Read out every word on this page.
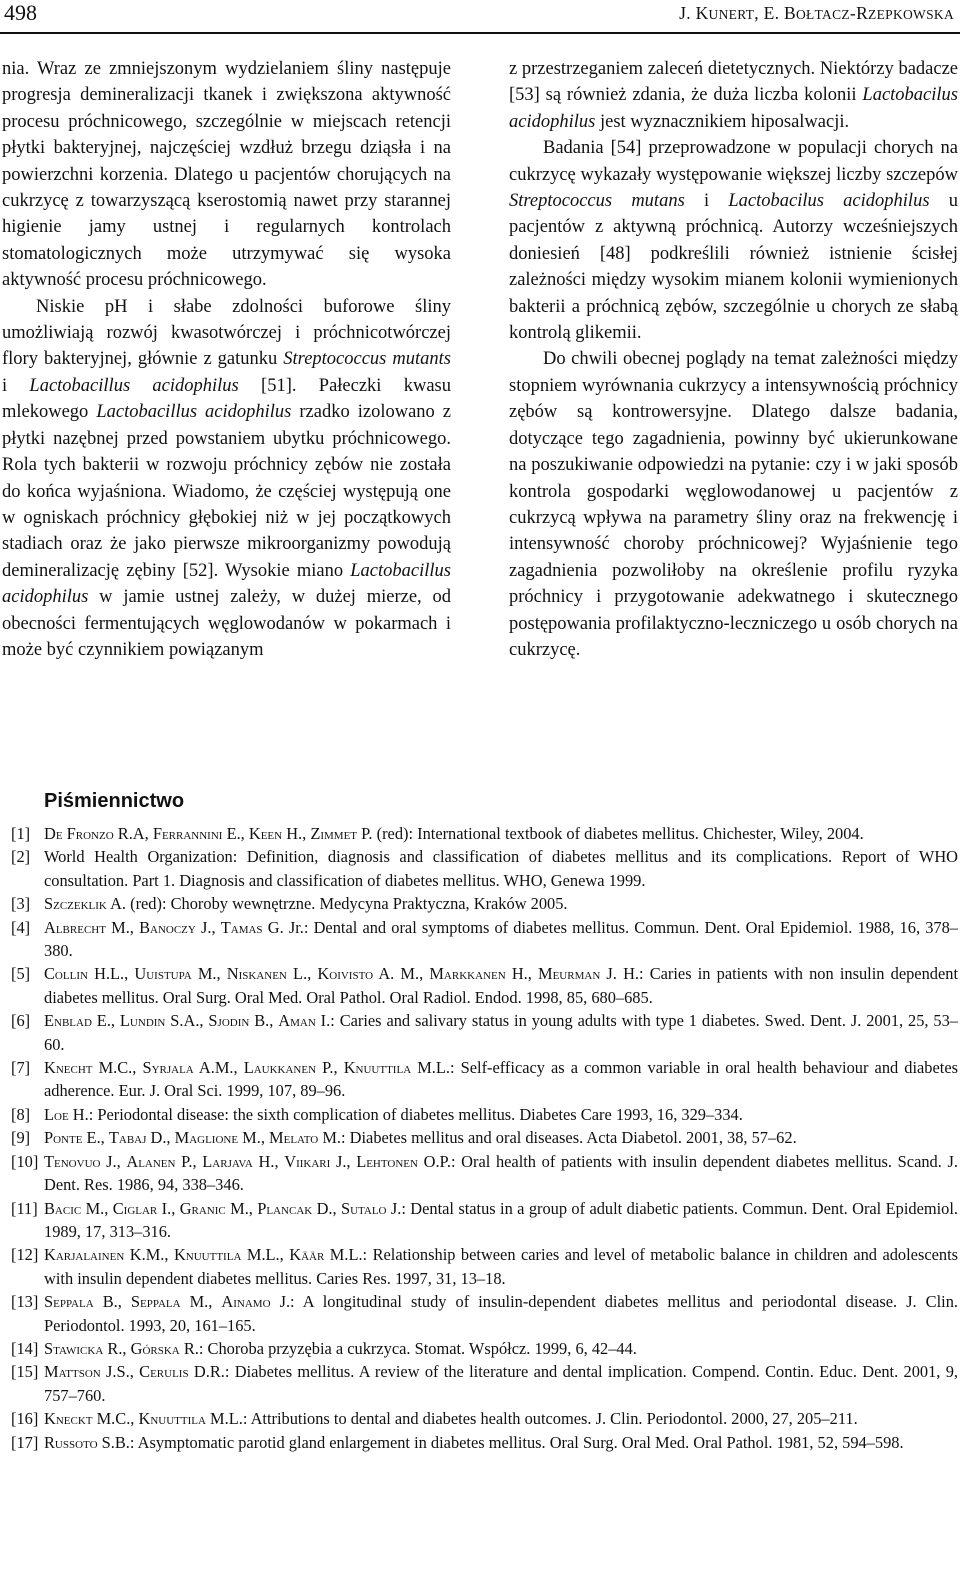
498	J. KUNERT, E. BOŁTACZ-RZEPKOWSKA

nia. Wraz ze zmniejszonym wydzielaniem śliny następuje progresja demineralizacji tkanek i zwiększona aktywność procesu próchnicowego, szczególnie w miejscach retencji płytki bakteryjnej, najczęściej wzdłuż brzegu dziąsła i na powierzchni korzenia. Dlatego u pacjentów chorujących na cukrzycę z towarzyszącą kserostomią nawet przy starannej higienie jamy ustnej i regularnych kontrolach stomatologicznych może utrzymywać się wysoka aktywność procesu próchnicowego.

Niskie pH i słabe zdolności buforowe śliny umożliwiają rozwój kwasotwórczej i próchnicotwórczej flory bakteryjnej, głównie z gatunku Streptococcus mutants i Lactobacillus acidophilus [51]. Pałeczki kwasu mlekowego Lactobacillus acidophilus rzadko izolowano z płytki nazębnej przed powstaniem ubytku próchnicowego. Rola tych bakterii w rozwoju próchnicy zębów nie została do końca wyjaśniona. Wiadomo, że częściej występują one w ogniskach próchnicy głębokiej niż w jej początkowych stadiach oraz że jako pierwsze mikroorganizmy powodują demineralizację zębiny [52]. Wysokie miano Lactobacillus acidophilus w jamie ustnej zależy, w dużej mierze, od obecności fermentujących węglowodanów w pokarmach i może być czynnikiem powiązanym

z przestrzeganiem zaleceń dietetycznych. Niektórzy badacze [53] są również zdania, że duża liczba kolonii Lactobacilus acidophilus jest wyznacznikiem hiposalwacji.

Badania [54] przeprowadzone w populacji chorych na cukrzycę wykazały występowanie większej liczby szczepów Streptococcus mutans i Lactobacilus acidophilus u pacjentów z aktywną próchnicą. Autorzy wcześniejszych doniesień [48] podkreślili również istnienie ścisłej zależności między wysokim mianem kolonii wymienionych bakterii a próchnicą zębów, szczególnie u chorych ze słabą kontrolą glikemii.

Do chwili obecnej poglądy na temat zależności między stopniem wyrównania cukrzycy a intensywnością próchnicy zębów są kontrowersyjne. Dlatego dalsze badania, dotyczące tego zagadnienia, powinny być ukierunkowane na poszukiwanie odpowiedzi na pytanie: czy i w jaki sposób kontrola gospodarki węglowodanowej u pacjentów z cukrzycą wpływa na parametry śliny oraz na frekwencję i intensywność choroby próchnicowej? Wyjaśnienie tego zagadnienia pozwoliłoby na określenie profilu ryzyka próchnicy i przygotowanie adekwatnego i skutecznego postępowania profilaktyczno-leczniczego u osób chorych na cukrzycę.

Piśmiennictwo
[1] De Fronzo R.A, Ferrannini E., Keen H., Zimmet P. (red): International textbook of diabetes mellitus. Chichester, Wiley, 2004.
[2] World Health Organization: Definition, diagnosis and classification of diabetes mellitus and its complications. Report of WHO consultation. Part 1. Diagnosis and classification of diabetes mellitus. WHO, Genewa 1999.
[3] Szczeklik A. (red): Choroby wewnętrzne. Medycyna Praktyczna, Kraków 2005.
[4] Albrecht M., Banoczy J., Tamas G. Jr.: Dental and oral symptoms of diabetes mellitus. Commun. Dent. Oral Epidemiol. 1988, 16, 378–380.
[5] Collin H.L., Uuistupa M., Niskanen L., Koivisto A. M., Markkanen H., Meurman J. H.: Caries in patients with non insulin dependent diabetes mellitus. Oral Surg. Oral Med. Oral Pathol. Oral Radiol. Endod. 1998, 85, 680–685.
[6] Enblad E., Lundin S.A., Sjodin B., Aman I.: Caries and salivary status in young adults with type 1 diabetes. Swed. Dent. J. 2001, 25, 53–60.
[7] Knecht M.C., Syrjala A.M., Laukkanen P., Knuuttila M.L.: Self-efficacy as a common variable in oral health behaviour and diabetes adherence. Eur. J. Oral Sci. 1999, 107, 89–96.
[8] Loe H.: Periodontal disease: the sixth complication of diabetes mellitus. Diabetes Care 1993, 16, 329–334.
[9] Ponte E., Tabaj D., Maglione M., Melato M.: Diabetes mellitus and oral diseases. Acta Diabetol. 2001, 38, 57–62.
[10] Tenovuo J., Alanen P., Larjava H., Viikari J., Lehtonen O.P.: Oral health of patients with insulin dependent diabetes mellitus. Scand. J. Dent. Res. 1986, 94, 338–346.
[11] Bacic M., Ciglar I., Granic M., Plancak D., Sutalo J.: Dental status in a group of adult diabetic patients. Commun. Dent. Oral Epidemiol. 1989, 17, 313–316.
[12] Karjalainen K.M., Knuuttila M.L., Käär M.L.: Relationship between caries and level of metabolic balance in children and adolescents with insulin dependent diabetes mellitus. Caries Res. 1997, 31, 13–18.
[13] Seppala B., Seppala M., Ainamo J.: A longitudinal study of insulin-dependent diabetes mellitus and periodontal disease. J. Clin. Periodontol. 1993, 20, 161–165.
[14] Stawicka R., Górska R.: Choroba przyzębia a cukrzyca. Stomat. Współcz. 1999, 6, 42–44.
[15] Mattson J.S., Cerulis D.R.: Diabetes mellitus. A review of the literature and dental implication. Compend. Contin. Educ. Dent. 2001, 9, 757–760.
[16] Kneckt M.C., Knuuttila M.L.: Attributions to dental and diabetes health outcomes. J. Clin. Periodontol. 2000, 27, 205–211.
[17] Russoto S.B.: Asymptomatic parotid gland enlargement in diabetes mellitus. Oral Surg. Oral Med. Oral Pathol. 1981, 52, 594–598.
